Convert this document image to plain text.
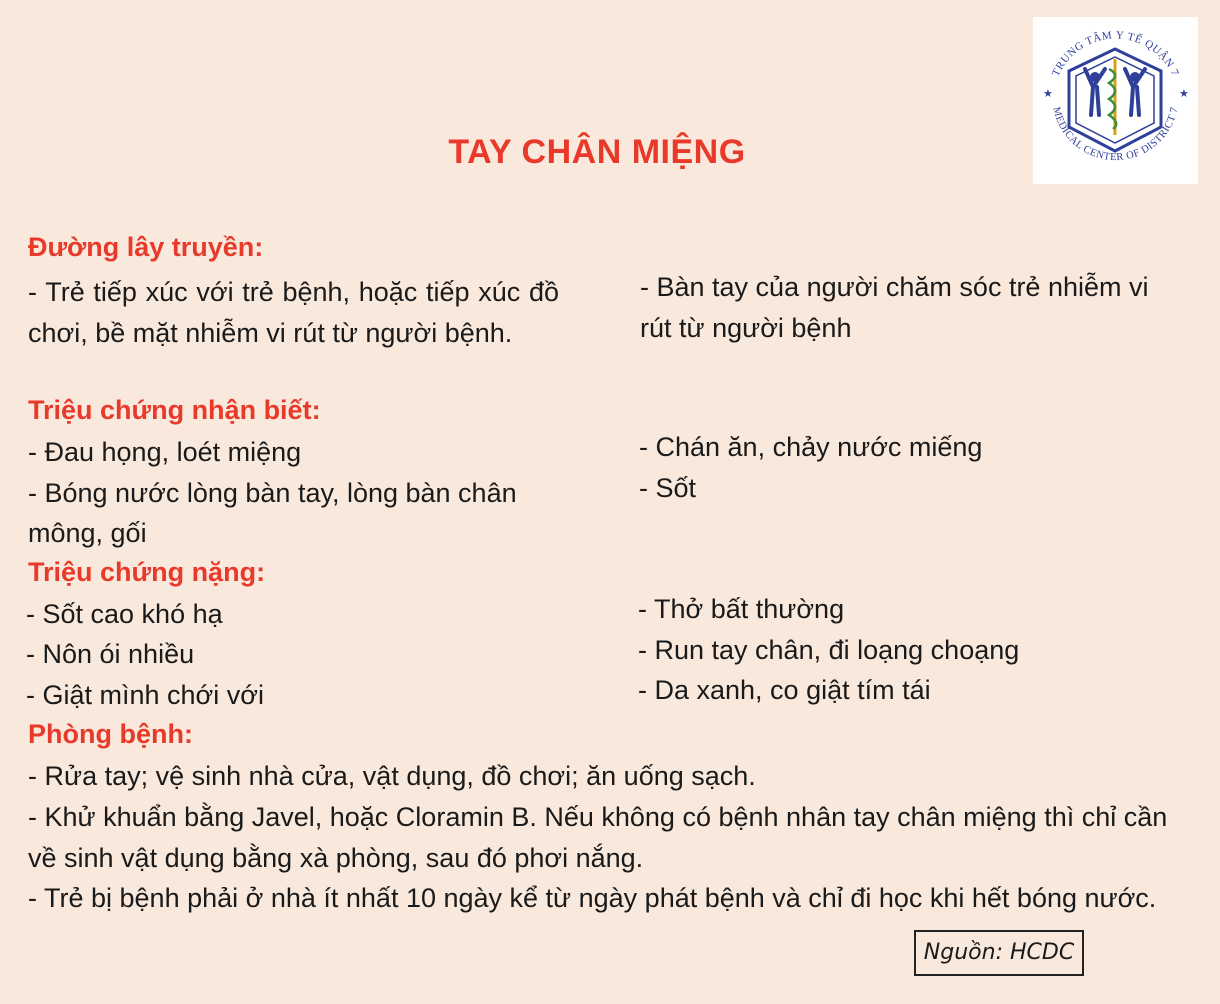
TAY CHÂN MIỆNG
TRUNG TÂM Y TẾ QUẬN 7
MEDICAL CENTER OF DISTRICT 7
★	★
Đường lây truyền:
- Trẻ tiếp xúc với trẻ bệnh, hoặc tiếp xúc đồ chơi, bề mặt nhiễm vi rút từ người bệnh.
- Bàn tay của người chăm sóc trẻ nhiễm vi rút từ người bệnh
Triệu chứng nhận biết:
- Đau họng, loét miệng
- Bóng nước lòng bàn tay, lòng bàn chân
mông, gối
- Chán ăn, chảy nước miếng
- Sốt
Triệu chứng nặng:
- Sốt cao khó hạ
- Nôn ói nhiều
- Giật mình chới với
- Thở bất thường
- Run tay chân, đi loạng choạng
- Da xanh, co giật tím tái
Phòng bệnh:
- Rửa tay; vệ sinh nhà cửa, vật dụng, đồ chơi; ăn uống sạch.
- Khử khuẩn bằng Javel, hoặc Cloramin B. Nếu không có bệnh nhân tay chân miệng thì chỉ cần về sinh vật dụng bằng xà phòng, sau đó phơi nắng.
- Trẻ bị bệnh phải ở nhà ít nhất 10 ngày kể từ ngày phát bệnh và chỉ đi học khi hết bóng nước.
Nguồn: HCDC
